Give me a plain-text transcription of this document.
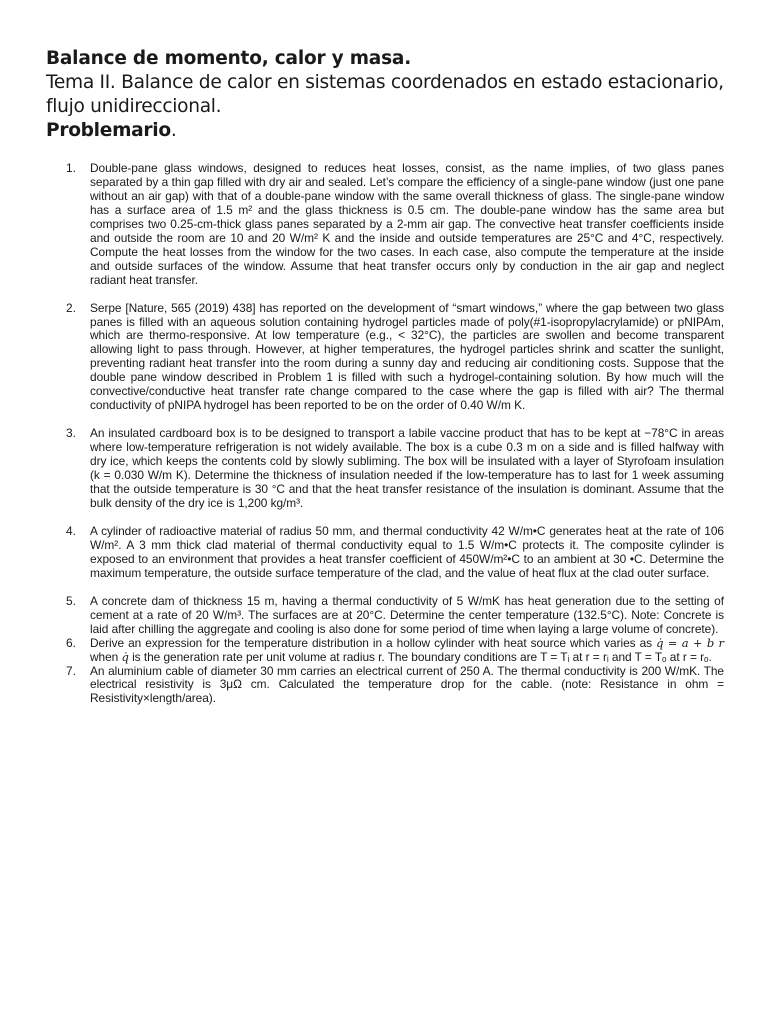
Balance de momento, calor y masa.
Tema II. Balance de calor en sistemas coordenados en estado estacionario, flujo unidireccional.
Problemario.
1. Double-pane glass windows, designed to reduces heat losses, consist, as the name implies, of two glass panes separated by a thin gap filled with dry air and sealed. Let’s compare the efficiency of a single-pane window (just one pane without an air gap) with that of a double-pane window with the same overall thickness of glass. The single-pane window has a surface area of 1.5 m² and the glass thickness is 0.5 cm. The double-pane window has the same area but comprises two 0.25-cm-thick glass panes separated by a 2-mm air gap. The convective heat transfer coefficients inside and outside the room are 10 and 20 W/m² K and the inside and outside temperatures are 25°C and 4°C, respectively. Compute the heat losses from the window for the two cases. In each case, also compute the temperature at the inside and outside surfaces of the window. Assume that heat transfer occurs only by conduction in the air gap and neglect radiant heat transfer.
2. Serpe [Nature, 565 (2019) 438] has reported on the development of “smart windows,” where the gap between two glass panes is filled with an aqueous solution containing hydrogel particles made of poly(#1-isopropylacrylamide) or pNIPAm, which are thermo-responsive. At low temperature (e.g., < 32°C), the particles are swollen and become transparent allowing light to pass through. However, at higher temperatures, the hydrogel particles shrink and scatter the sunlight, preventing radiant heat transfer into the room during a sunny day and reducing air conditioning costs. Suppose that the double pane window described in Problem 1 is filled with such a hydrogel-containing solution. By how much will the convective/conductive heat transfer rate change compared to the case where the gap is filled with air? The thermal conductivity of pNIPA hydrogel has been reported to be on the order of 0.40 W/m K.
3. An insulated cardboard box is to be designed to transport a labile vaccine product that has to be kept at −78°C in areas where low-temperature refrigeration is not widely available. The box is a cube 0.3 m on a side and is filled halfway with dry ice, which keeps the contents cold by slowly subliming. The box will be insulated with a layer of Styrofoam insulation (k = 0.030 W/m K). Determine the thickness of insulation needed if the low-temperature has to last for 1 week assuming that the outside temperature is 30 °C and that the heat transfer resistance of the insulation is dominant. Assume that the bulk density of the dry ice is 1,200 kg/m³.
4. A cylinder of radioactive material of radius 50 mm, and thermal conductivity 42 W/m•C generates heat at the rate of 106 W/m². A 3 mm thick clad material of thermal conductivity equal to 1.5 W/m•C protects it. The composite cylinder is exposed to an environment that provides a heat transfer coefficient of 450W/m²•C to an ambient at 30 •C. Determine the maximum temperature, the outside surface temperature of the clad, and the value of heat flux at the clad outer surface.
5. A concrete dam of thickness 15 m, having a thermal conductivity of 5 W/mK has heat generation due to the setting of cement at a rate of 20 W/m³. The surfaces are at 20°C. Determine the center temperature (132.5°C). Note: Concrete is laid after chilling the aggregate and cooling is also done for some period of time when laying a large volume of concrete).
6. Derive an expression for the temperature distribution in a hollow cylinder with heat source which varies as q̇ = a + b r when q̇ is the generation rate per unit volume at radius r. The boundary conditions are T = Tᵢ at r = rᵢ and T = Tₒ at r = rₒ.
7. An aluminium cable of diameter 30 mm carries an electrical current of 250 A. The thermal conductivity is 200 W/mK. The electrical resistivity is 3μΩ cm. Calculated the temperature drop for the cable. (note: Resistance in ohm = Resistivity×length/area).
